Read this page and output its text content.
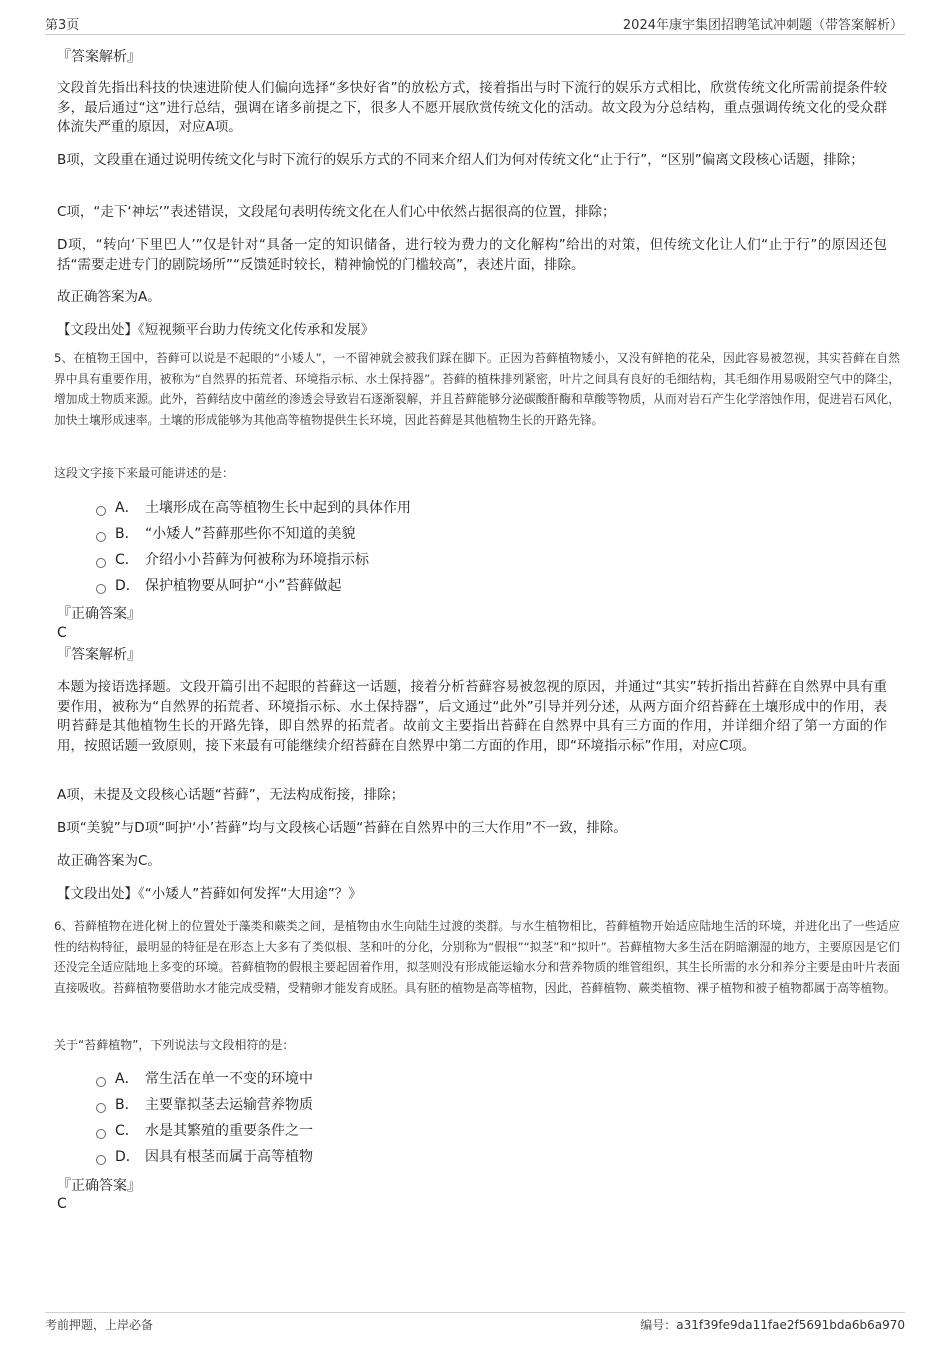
第3页	2024年康宇集团招聘笔试冲刺题（带答案解析）
『答案解析』
文段首先指出科技的快速进阶使人们偏向选择“多快好省”的放松方式，接着指出与时下流行的娱乐方式相比，欣赏传统文化所需前提条件较多，最后通过“这”进行总结，强调在诸多前提之下，很多人不愿开展欣赏传统文化的活动。故文段为分总结构，重点强调传统文化的受众群体流失严重的原因，对应A项。
B项，文段重在通过说明传统文化与时下流行的娱乐方式的不同来介绍人们为何对传统文化“止于行”，“区别”偏离文段核心话题，排除；
C项，“走下‘神坛’”表述错误，文段尾句表明传统文化在人们心中依然占据很高的位置，排除；
D项，“转向‘下里巴人’”仅是针对“具备一定的知识储备，进行较为费力的文化解构”给出的对策，但传统文化让人们“止于行”的原因还包括“需要走进专门的剧院场所”“反馈延时较长，精神愉悦的门槛较高”，表述片面，排除。
故正确答案为A。
【文段出处】《短视频平台助力传统文化传承和发展》
5、在植物王国中，苔藓可以说是不起眼的“小矮人”，一不留神就会被我们踩在脚下。正因为苔藓植物矮小，又没有鲜艳的花朵，因此容易被忽视，其实苔藓在自然界中具有重要作用，被称为“自然界的拓荒者、环境指示标、水土保持器”。苔藓的植株排列紧密，叶片之间具有良好的毛细结构，其毛细作用易吸附空气中的降尘，增加成土物质来源。此外，苔藓结皮中菌丝的渗透会导致岩石逐渐裂解，并且苔藓能够分泌碳酸酐酶和草酸等物质，从而对岩石产生化学溶蚀作用，促进岩石风化，加快土壤形成速率。土壤的形成能够为其他高等植物提供生长环境，因此苔藓是其他植物生长的开路先锋。
这段文字接下来最可能讲述的是：
A． 土壤形成在高等植物生长中起到的具体作用
B． “小矮人”苔藓那些你不知道的美貌
C． 介绍小小苔藓为何被称为环境指示标
D． 保护植物要从呵护“小”苔藓做起
『正确答案』
C
『答案解析』
本题为接语选择题。文段开篇引出不起眼的苔藓这一话题，接着分析苔藓容易被忽视的原因，并通过“其实”转折指出苔藓在自然界中具有重要作用，被称为“自然界的拓荒者、环境指示标、水土保持器”，后文通过“此外”引导并列分述，从两方面介绍苔藓在土壤形成中的作用，表明苔藓是其他植物生长的开路先锋，即自然界的拓荒者。故前文主要指出苔藓在自然界中具有三方面的作用，并详细介绍了第一方面的作用，按照话题一致原则，接下来最有可能继续介绍苔藓在自然界中第二方面的作用，即“环境指示标”作用，对应C项。
A项，未提及文段核心话题“苔藓”，无法构成衔接，排除；
B项“美貌”与D项“呵护‘小’苔藓”均与文段核心话题“苔藓在自然界中的三大作用”不一致，排除。
故正确答案为C。
【文段出处】《“小矮人”苔藓如何发挥“大用途”？》
6、苔藓植物在进化树上的位置处于藻类和蕨类之间，是植物由水生向陆生过渡的类群。与水生植物相比，苔藓植物开始适应陆地生活的环境，并进化出了一些适应性的结构特征，最明显的特征是在形态上大多有了类似根、茎和叶的分化，分别称为“假根”“拟茎”和“拟叶”。苔藓植物大多生活在阴暗潮湿的地方，主要原因是它们还没完全适应陆地上多变的环境。苔藓植物的假根主要起固着作用，拟茎则没有形成能运输水分和营养物质的维管组织，其生长所需的水分和养分主要是由叶片表面直接吸收。苔藓植物要借助水才能完成受精，受精卵才能发育成胚。具有胚的植物是高等植物，因此，苔藓植物、蕨类植物、裸子植物和被子植物都属于高等植物。
关于“苔藓植物”，下列说法与文段相符的是：
A． 常生活在单一不变的环境中
B． 主要靠拟茎去运输营养物质
C． 水是其繁殖的重要条件之一
D． 因具有根茎而属于高等植物
『正确答案』
C
考前押题，上岸必备	编号：a31f39fe9da11fae2f5691bda6b6a970
